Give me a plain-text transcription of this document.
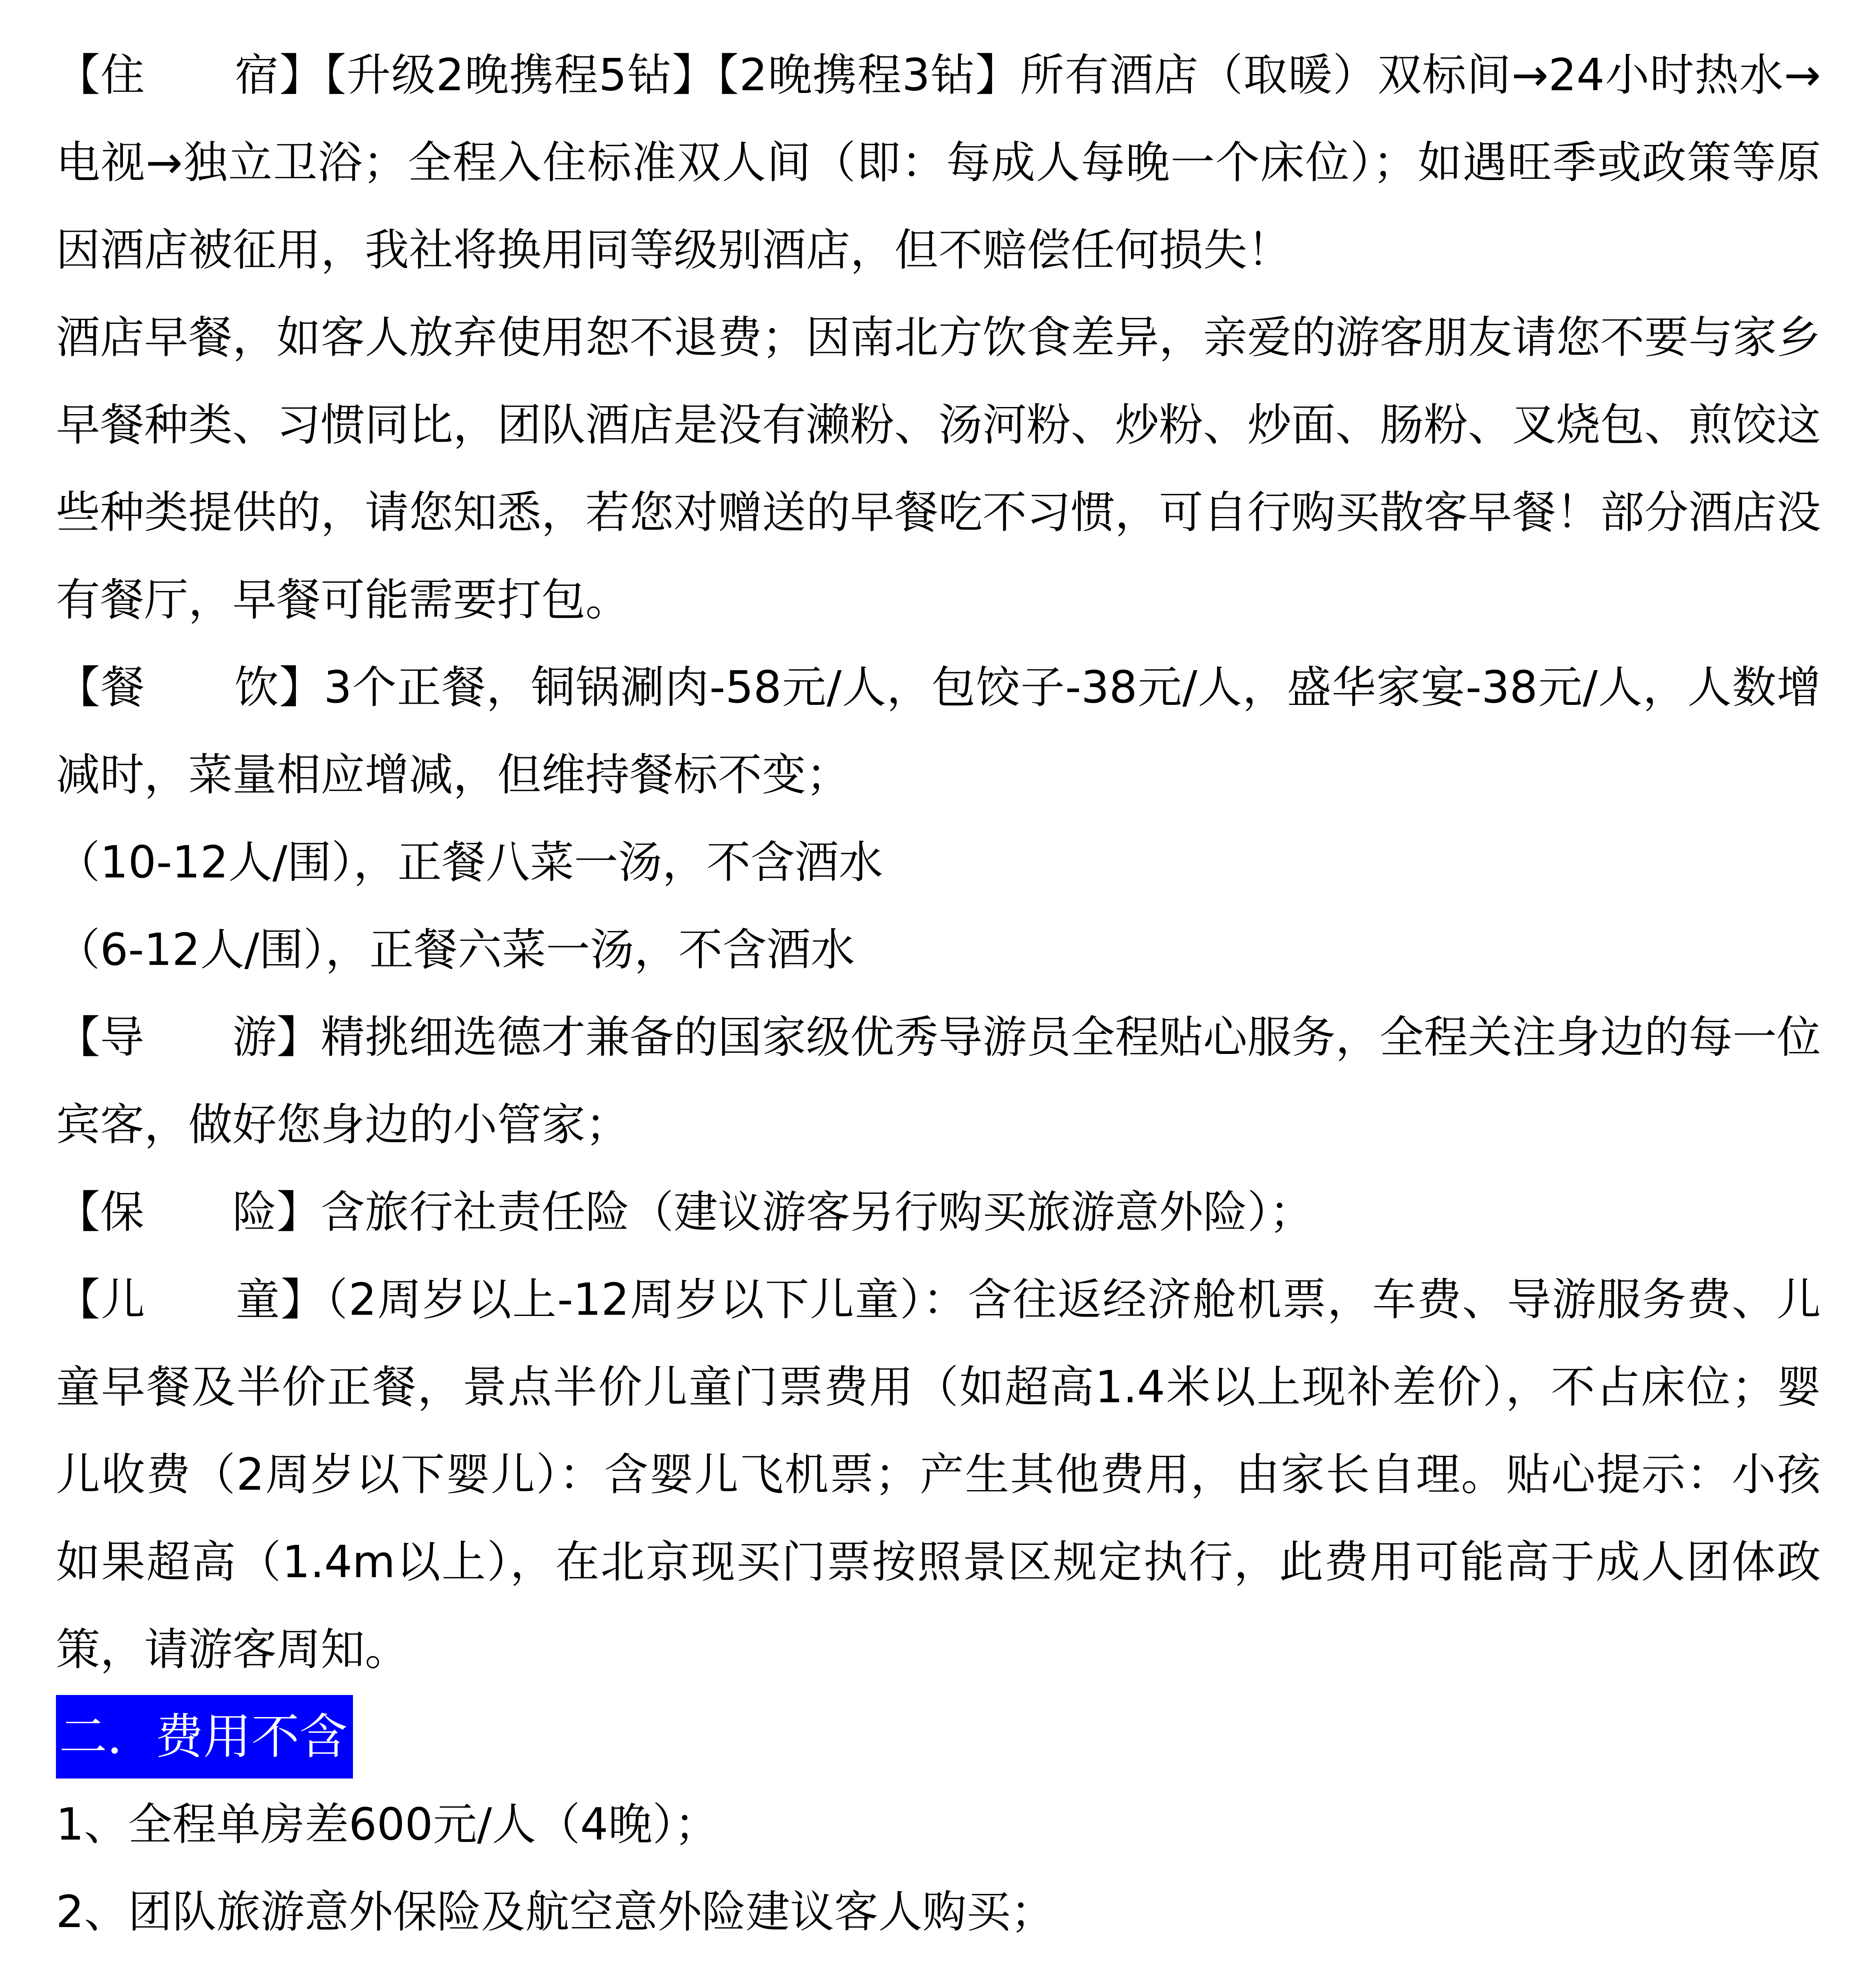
【住　　宿】【升级2晚携程5钻】【2晚携程3钻】所有酒店（取暖）双标间→24小时热水→电视→独立卫浴；全程入住标准双人间（即：每成人每晚一个床位）；如遇旺季或政策等原因酒店被征用，我社将换用同等级别酒店，但不赔偿任何损失！

酒店早餐，如客人放弃使用恕不退费；因南北方饮食差异，亲爱的游客朋友请您不要与家乡早餐种类、习惯同比，团队酒店是没有濑粉、汤河粉、炒粉、炒面、肠粉、叉烧包、煎饺这些种类提供的，请您知悉，若您对赠送的早餐吃不习惯，可自行购买散客早餐！部分酒店没有餐厅，早餐可能需要打包。

【餐　　饮】3个正餐，铜锅涮肉-58元/人，包饺子-38元/人，盛华家宴-38元/人，人数增减时，菜量相应增减，但维持餐标不变；

（10-12人/围），正餐八菜一汤，不含酒水

（6-12人/围），正餐六菜一汤，不含酒水

【导　　游】精挑细选德才兼备的国家级优秀导游员全程贴心服务，全程关注身边的每一位宾客，做好您身边的小管家；

【保　　险】含旅行社责任险（建议游客另行购买旅游意外险）；

【儿　　童】（2周岁以上-12周岁以下儿童）：含往返经济舱机票，车费、导游服务费、儿童早餐及半价正餐，景点半价儿童门票费用（如超高1.4米以上现补差价），不占床位；婴儿收费（2周岁以下婴儿）：含婴儿飞机票；产生其他费用，由家长自理。贴心提示：小孩如果超高（1.4m以上），在北京现买门票按照景区规定执行，此费用可能高于成人团体政策，请游客周知。

二．费用不含

1、全程单房差600元/人（4晚）；

2、团队旅游意外保险及航空意外险建议客人购买；
